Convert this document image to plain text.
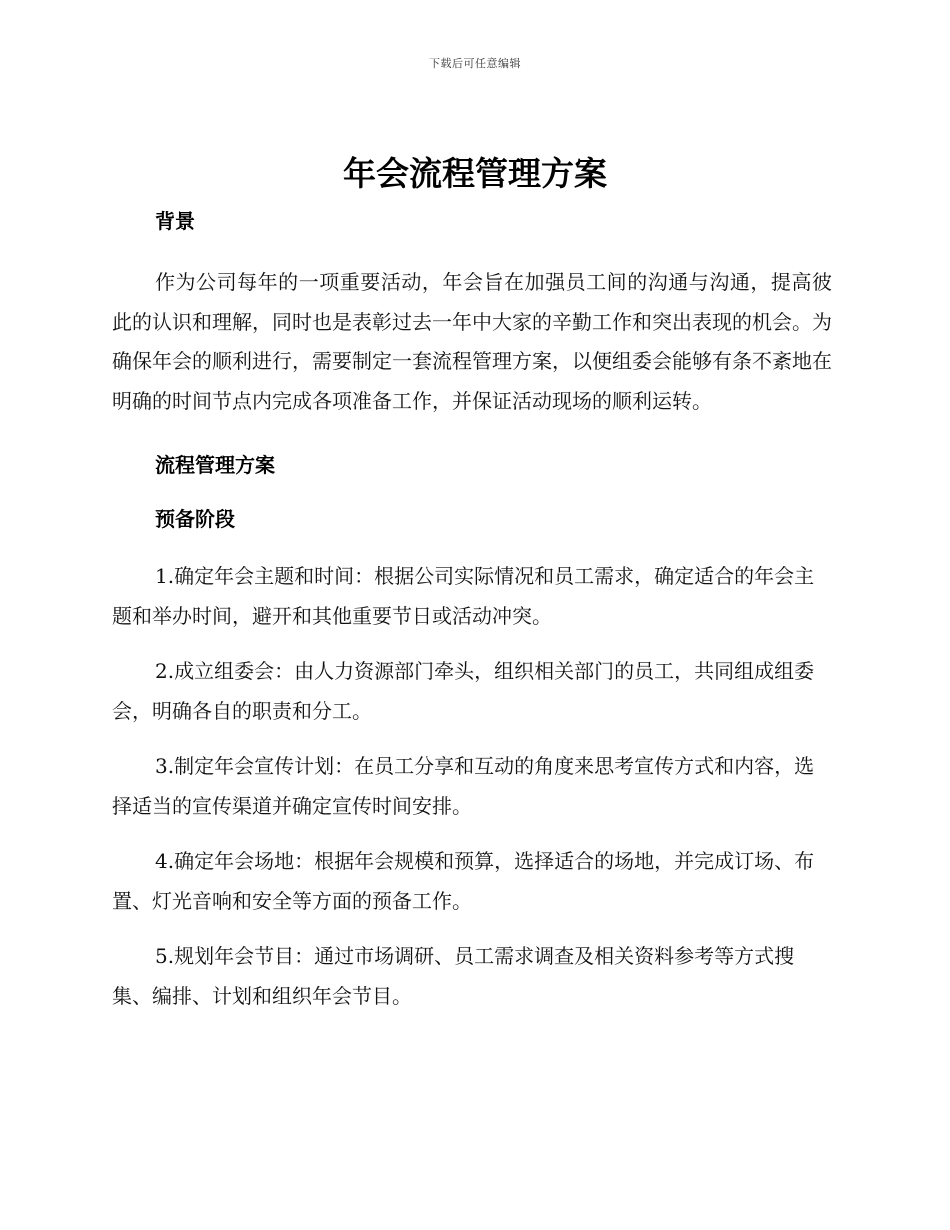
下载后可任意编辑
年会流程管理方案

背景

作为公司每年的一项重要活动，年会旨在加强员工间的沟通与沟通，提高彼此的认识和理解，同时也是表彰过去一年中大家的辛勤工作和突出表现的机会。为确保年会的顺利进行，需要制定一套流程管理方案，以便组委会能够有条不紊地在明确的时间节点内完成各项准备工作，并保证活动现场的顺利运转。

流程管理方案

预备阶段

1.确定年会主题和时间：根据公司实际情况和员工需求，确定适合的年会主题和举办时间，避开和其他重要节日或活动冲突。

2.成立组委会：由人力资源部门牵头，组织相关部门的员工，共同组成组委会，明确各自的职责和分工。

3.制定年会宣传计划：在员工分享和互动的角度来思考宣传方式和内容，选择适当的宣传渠道并确定宣传时间安排。

4.确定年会场地：根据年会规模和预算，选择适合的场地，并完成订场、布置、灯光音响和安全等方面的预备工作。

5.规划年会节目：通过市场调研、员工需求调查及相关资料参考等方式搜集、编排、计划和组织年会节目。
